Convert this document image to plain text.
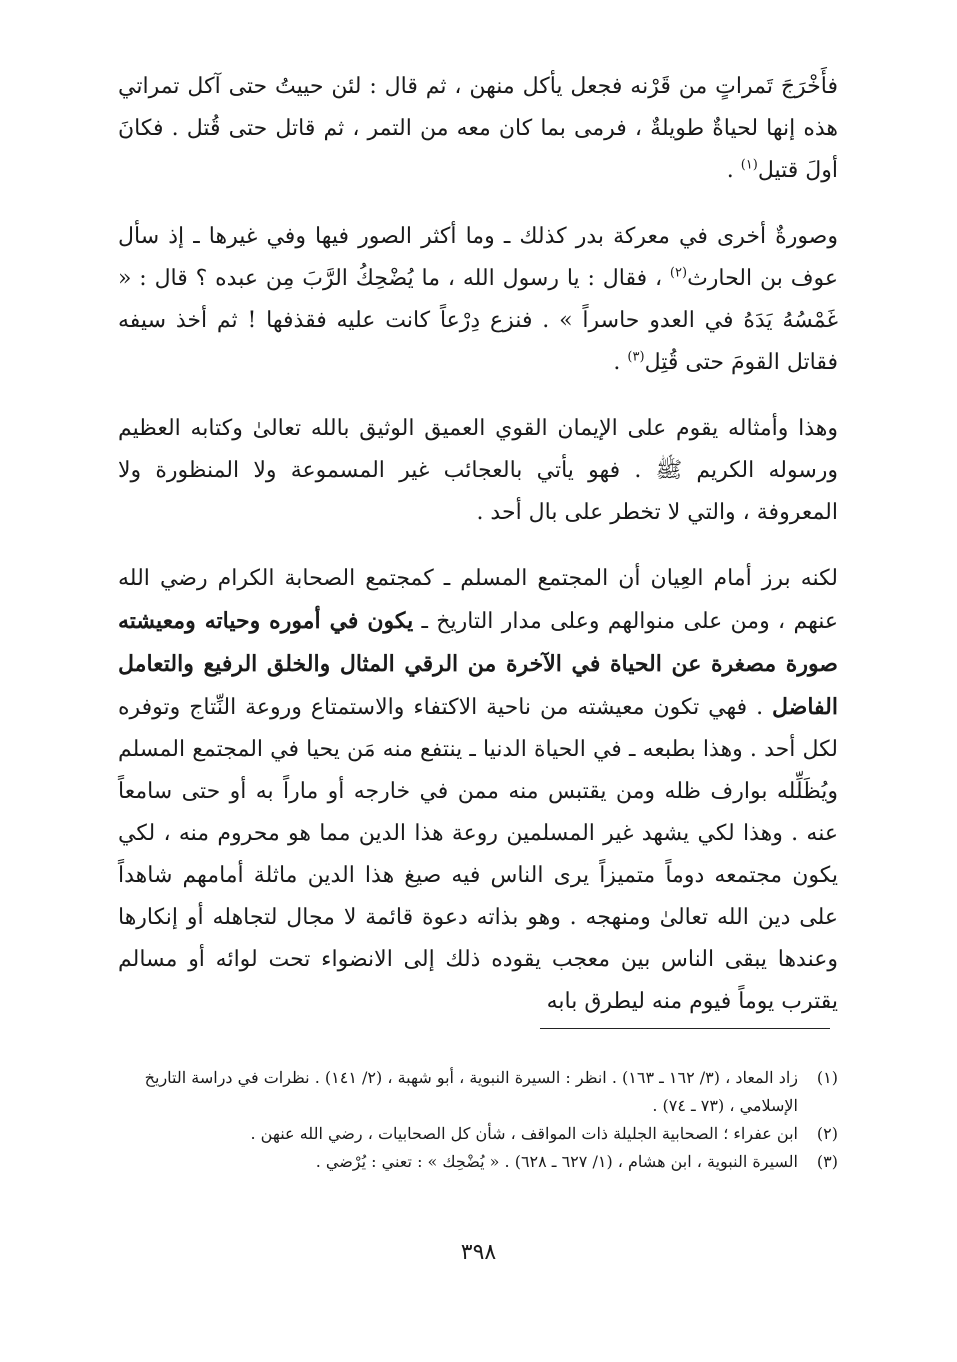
فأَخْرَجَ تَمراتٍ من قَرْنه فجعل يأكل منهن ، ثم قال : لئن حييتُ حتى آكل تمراتي هذه إنها لحياةٌ طويلةٌ ، فرمى بما كان معه من التمر ، ثم قاتل حتى قُتل . فكانَ أولَ قتيل$^{(١)}$ .

وصورةٌ أخرى في معركة بدر كذلك ـ وما أكثر الصور فيها وفي غيرها ـ إذ سأل عوف بن الحارث$^{(٢)}$ ، فقال : يا رسول الله ، ما يُضْحِكُ الرَّبَ مِن عبده ؟ قال : « غَمْسُهُ يَدَهُ في العدو حاسراً » . فنزع دِرْعاً كانت عليه فقذفها ! ثم أخذ سيفه فقاتل القومَ حتى قُتِل$^{(٣)}$ .

وهذا وأمثاله يقوم على الإيمان القوي العميق الوثيق بالله تعالىٰ وكتابه العظيم ورسوله الكريم ﷺ . فهو يأتي بالعجائب غير المسموعة ولا المنظورة ولا المعروفة ، والتي لا تخطر على بال أحد .

لكنه برز أمام العِيان أن المجتمع المسلم ـ كمجتمع الصحابة الكرام رضي الله عنهم ، ومن على منوالهم وعلى مدار التاريخ ـ يكون في أموره وحياته ومعيشته صورة مصغرة عن الحياة في الآخرة من الرقي المثال والخلق الرفيع والتعامل الفاضل . فهي تكون معيشته من ناحية الاكتفاء والاستمتاع وروعة النِّتاج وتوفره لكل أحد . وهذا بطبعه ـ في الحياة الدنيا ـ ينتفع منه مَن يحيا في المجتمع المسلم ويُظَلِّله بوارف ظله ومن يقتبس منه ممن في خارجه أو ماراً به أو حتى سامعاً عنه . وهذا لكي يشهد غير المسلمين روعة هذا الدين مما هو محروم منه ، لكي يكون مجتمعه دوماً متميزاً يرى الناس فيه صيغ هذا الدين ماثلة أمامهم شاهداً على دين الله تعالىٰ ومنهجه . وهو بذاته دعوة قائمة لا مجال لتجاهله أو إنكارها وعندها يبقى الناس بين معجب يقوده ذلك إلى الانضواء تحت لوائه أو مسالم يقترب يوماً فيوم منه ليطرق بابه

(١)
زاد المعاد ، (٣/ ١٦٢ ـ ١٦٣) . انظر : السيرة النبوية ، أبو شهبة ، (٢/ ١٤١) . نظرات في دراسة التاريخ الإسلامي ، (٧٣ ـ ٧٤) .
(٢)
ابن عفراء ؛ الصحابية الجليلة ذات المواقف ، شأن كل الصحابيات ، رضي الله عنهن .
(٣)
السيرة النبوية ، ابن هشام ، (١/ ٦٢٧ ـ ٦٢٨) . « يُضْحِك » : تعني : يُرْضي .
٣٩٨
